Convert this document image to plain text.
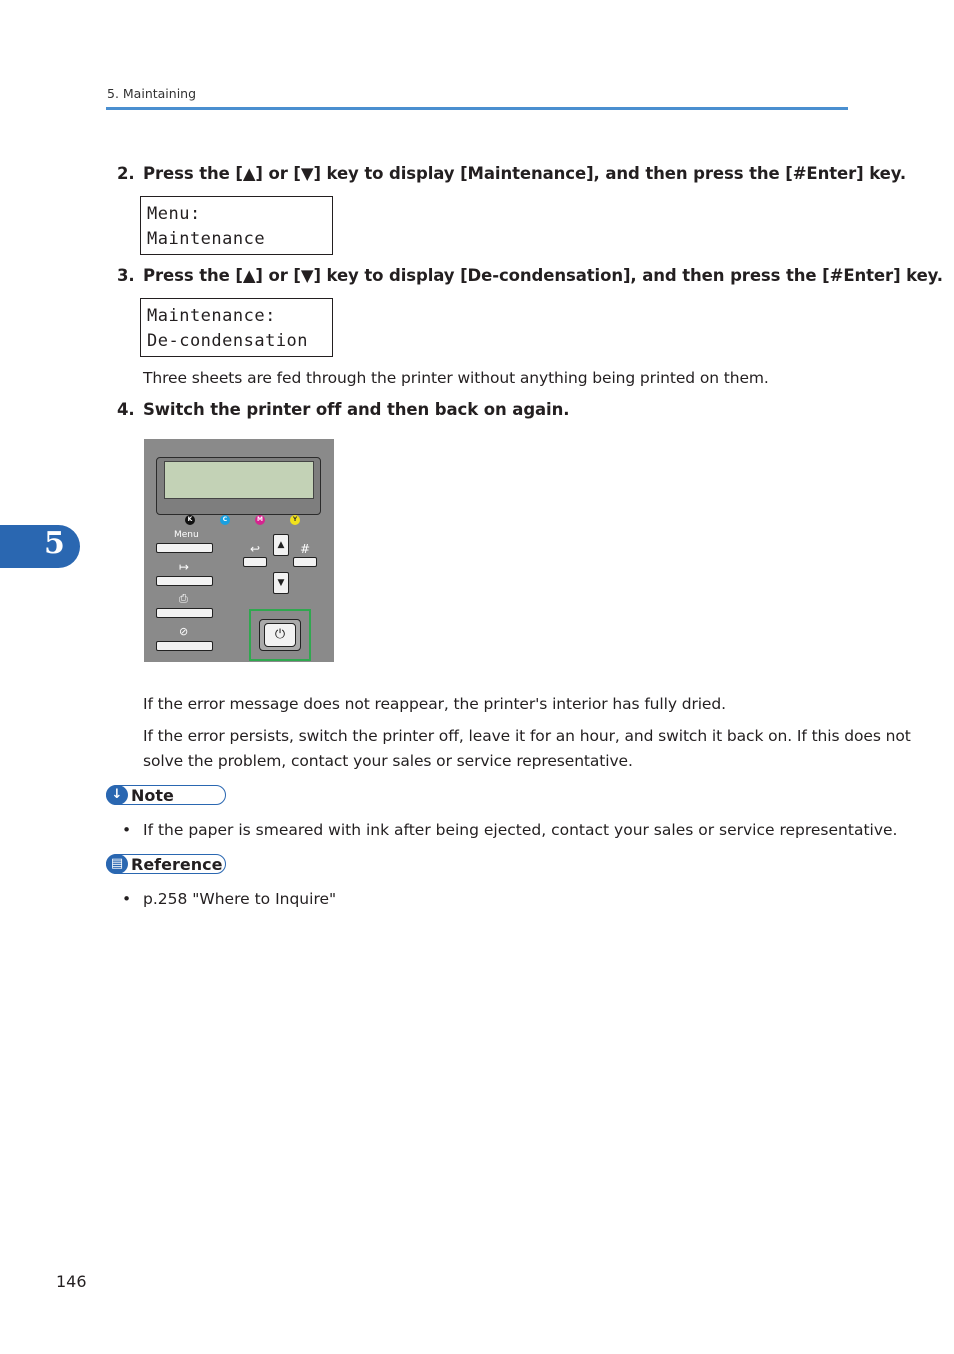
5. Maintaining
5
2. Press the [▲] or [▼] key to display [Maintenance], and then press the [#Enter] key.
Menu:
Maintenance
3. Press the [▲] or [▼] key to display [De-condensation], and then press the [#Enter] key.
Maintenance:
De-condensation
Three sheets are fed through the printer without anything being printed on them.
4. Switch the printer off and then back on again.
K	C	M	Y
Menu
↦
⎙
⊘
↩	▲
▼
#
⏻
If the error message does not reappear, the printer's interior has fully dried.
If the error persists, switch the printer off, leave it for an hour, and switch it back on. If this does not
solve the problem, contact your sales or service representative.
↓ Note
• If the paper is smeared with ink after being ejected, contact your sales or service representative.
▤ Reference
• p.258 "Where to Inquire"
146
